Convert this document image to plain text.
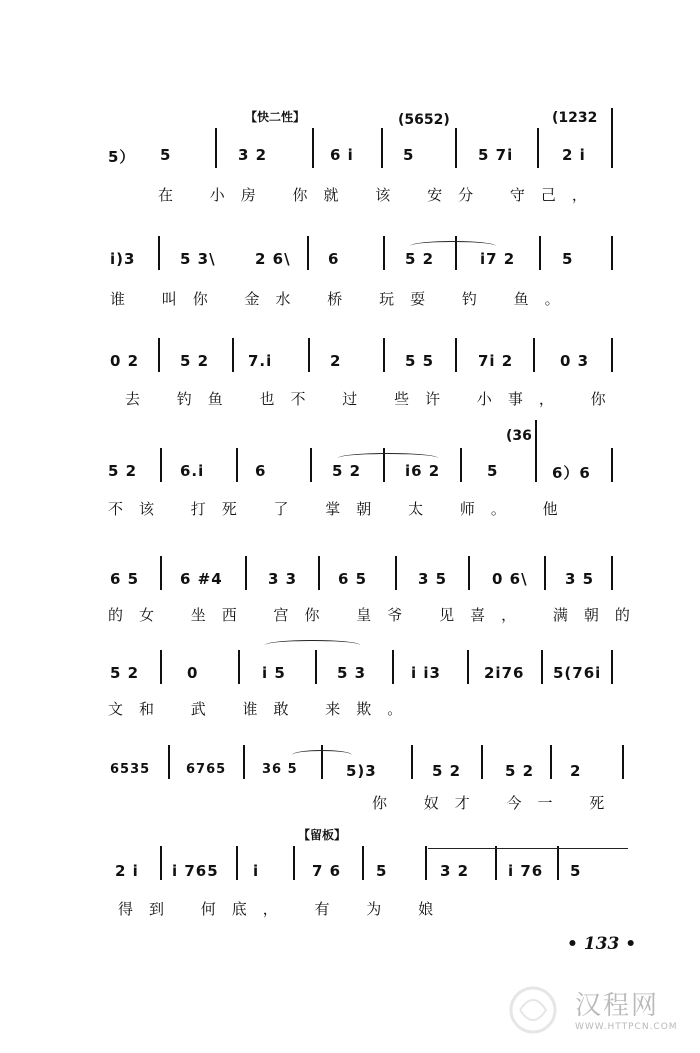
【快二性】	(5652)	(1232
(36
【留板】
5） 5	3 2	6 i	5	5 7i	2 i
在 小房 你就 该 安分 守己，
i)3	5 3\	2 6\ 6	5 2	i7 2	5
谁 叫你 金水 桥 玩耍 钓 鱼。
0 2	5 2	7.i	2	5 5	7i 2	0 3
去 钓鱼 也不 过 些许 小事， 你
5 2	6.i	6	5 2	i6 2	5	6）6
不该 打死 了 掌朝 太 师。 他
6 5	6 #4	3 3	6 5	3 5	0 6\ 3 5
的女 坐西 宫你 皇爷 见喜， 满朝的
5 2	0	i 5	5 3	i i3	2i76 5(76i
文和 武 谁敢 来欺。
6535	6765	36 5	5)3	5 2	5 2 2
你 奴才 今一 死
2 i i 765 i	7 6 5	3 2	i 76 5
得到 何底， 有 为 娘
• 133 •
汉程网
WWW.HTTPCN.COM
